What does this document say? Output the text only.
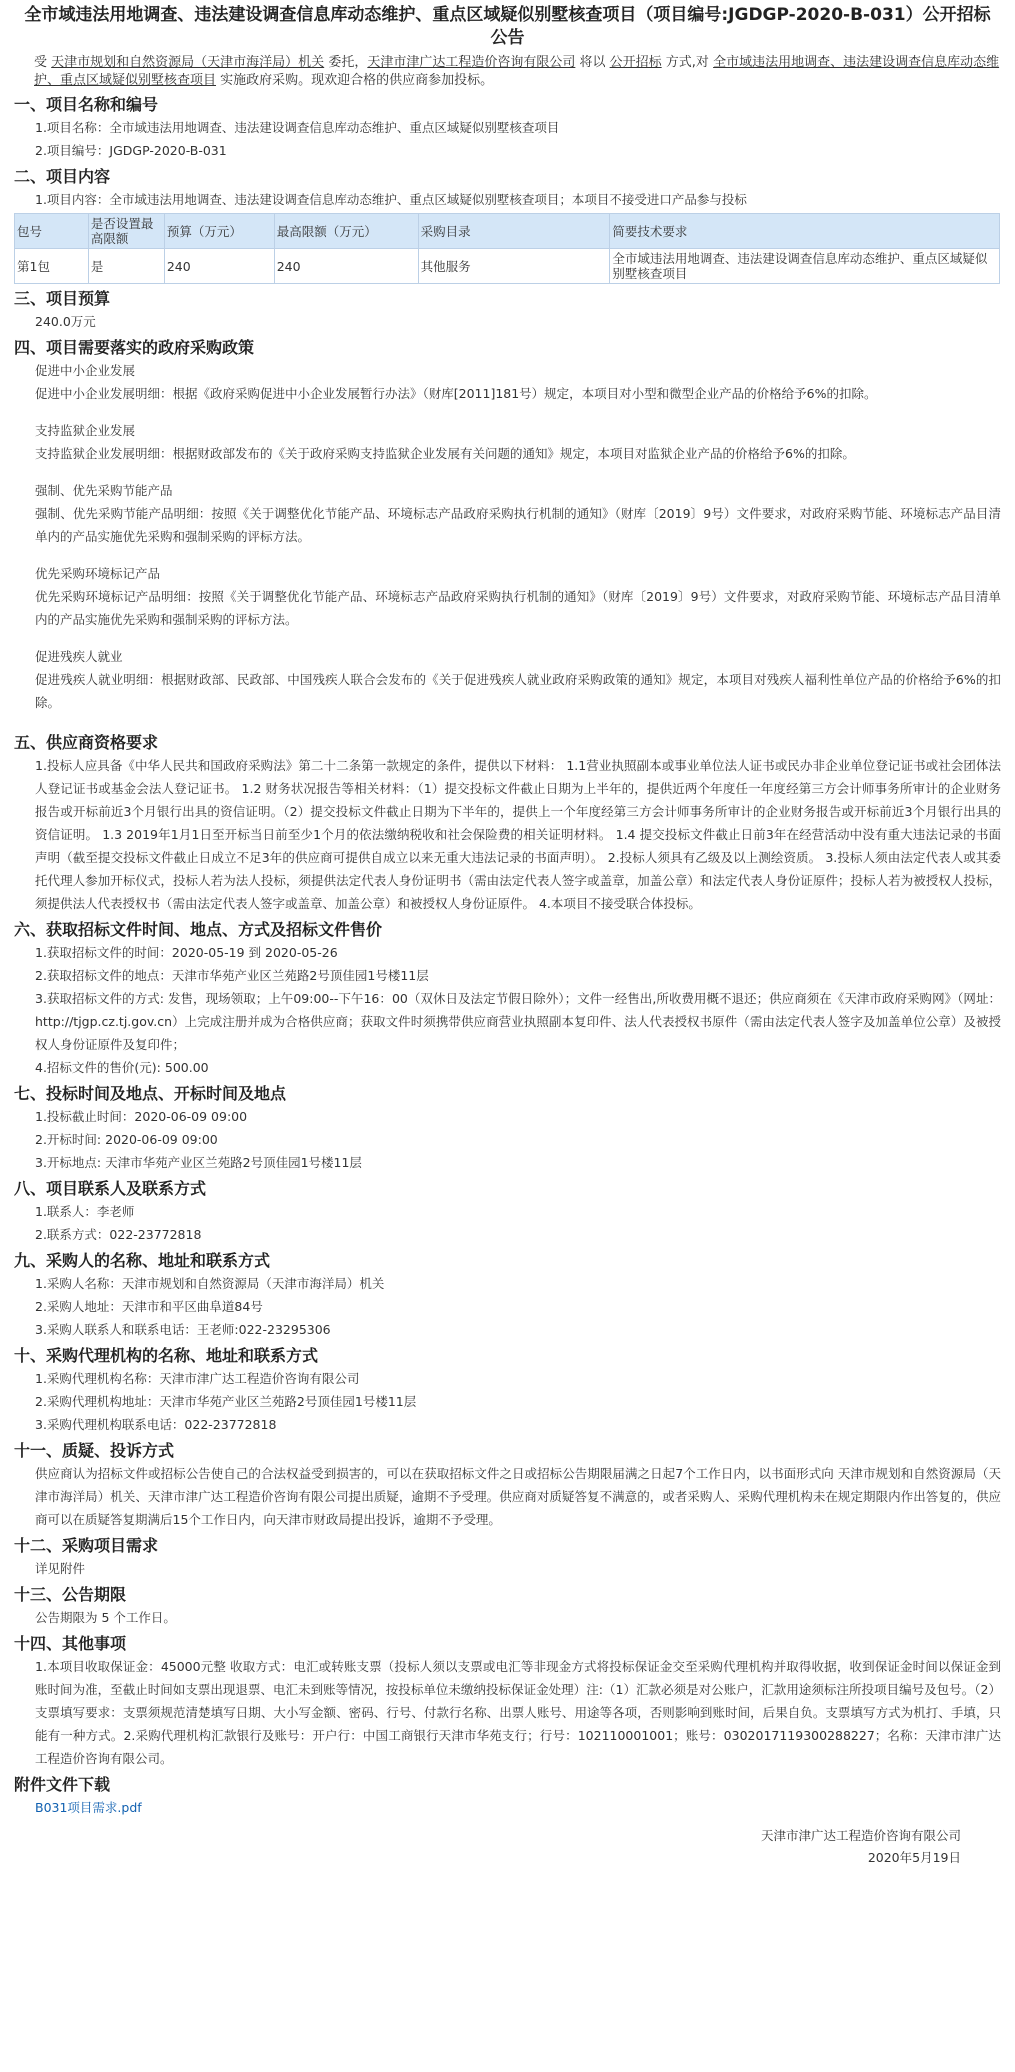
全市域违法用地调查、违法建设调查信息库动态维护、重点区域疑似别墅核查项目（项目编号:JGDGP-2020-B-031）公开招标公告

受 天津市规划和自然资源局（天津市海洋局）机关 委托，天津市津广达工程造价咨询有限公司 将以 公开招标 方式,对 全市域违法用地调查、违法建设调查信息库动态维护、重点区域疑似别墅核查项目 实施政府采购。现欢迎合格的供应商参加投标。

一、项目名称和编号

1.项目名称：全市域违法用地调查、违法建设调查信息库动态维护、重点区域疑似别墅核查项目

2.项目编号：JGDGP-2020-B-031

二、项目内容

1.项目内容：全市域违法用地调查、违法建设调查信息库动态维护、重点区域疑似别墅核查项目；本项目不接受进口产品参与投标

包号	是否设置最高限额	预算（万元）	最高限额（万元）	采购目录	简要技术要求
第1包	是	240	240	其他服务	全市域违法用地调查、违法建设调查信息库动态维护、重点区域疑似别墅核查项目
三、项目预算

240.0万元

四、项目需要落实的政府采购政策

促进中小企业发展

促进中小企业发展明细：根据《政府采购促进中小企业发展暂行办法》（财库[2011]181号）规定，本项目对小型和微型企业产品的价格给予6%的扣除。

支持监狱企业发展

支持监狱企业发展明细：根据财政部发布的《关于政府采购支持监狱企业发展有关问题的通知》规定，本项目对监狱企业产品的价格给予6%的扣除。

强制、优先采购节能产品

强制、优先采购节能产品明细：按照《关于调整优化节能产品、环境标志产品政府采购执行机制的通知》（财库〔2019〕9号）文件要求，对政府采购节能、环境标志产品目清单内的产品实施优先采购和强制采购的评标方法。

优先采购环境标记产品

优先采购环境标记产品明细：按照《关于调整优化节能产品、环境标志产品政府采购执行机制的通知》（财库〔2019〕9号）文件要求，对政府采购节能、环境标志产品目清单内的产品实施优先采购和强制采购的评标方法。

促进残疾人就业

促进残疾人就业明细：根据财政部、民政部、中国残疾人联合会发布的《关于促进残疾人就业政府采购政策的通知》规定，本项目对残疾人福利性单位产品的价格给予6%的扣除。

五、供应商资格要求

1.投标人应具备《中华人民共和国政府采购法》第二十二条第一款规定的条件，提供以下材料： 1.1营业执照副本或事业单位法人证书或民办非企业单位登记证书或社会团体法人登记证书或基金会法人登记证书。 1.2 财务状况报告等相关材料：（1）提交投标文件截止日期为上半年的，提供近两个年度任一年度经第三方会计师事务所审计的企业财务报告或开标前近3个月银行出具的资信证明。（2）提交投标文件截止日期为下半年的，提供上一个年度经第三方会计师事务所审计的企业财务报告或开标前近3个月银行出具的资信证明。 1.3 2019年1月1日至开标当日前至少1个月的依法缴纳税收和社会保险费的相关证明材料。 1.4 提交投标文件截止日前3年在经营活动中没有重大违法记录的书面声明（截至提交投标文件截止日成立不足3年的供应商可提供自成立以来无重大违法记录的书面声明）。 2.投标人须具有乙级及以上测绘资质。 3.投标人须由法定代表人或其委托代理人参加开标仪式，投标人若为法人投标，须提供法定代表人身份证明书（需由法定代表人签字或盖章，加盖公章）和法定代表人身份证原件；投标人若为被授权人投标，须提供法人代表授权书（需由法定代表人签字或盖章、加盖公章）和被授权人身份证原件。 4.本项目不接受联合体投标。

六、获取招标文件时间、地点、方式及招标文件售价

1.获取招标文件的时间：2020-05-19 到 2020-05-26

2.获取招标文件的地点：天津市华苑产业区兰苑路2号顶佳园1号楼11层

3.获取招标文件的方式: 发售，现场领取；上午09:00--下午16：00（双休日及法定节假日除外）；文件一经售出,所收费用概不退还；供应商须在《天津市政府采购网》（网址：http://tjgp.cz.tj.gov.cn）上完成注册并成为合格供应商；获取文件时须携带供应商营业执照副本复印件、法人代表授权书原件（需由法定代表人签字及加盖单位公章）及被授权人身份证原件及复印件；

4.招标文件的售价(元): 500.00

七、投标时间及地点、开标时间及地点

1.投标截止时间：2020-06-09 09:00

2.开标时间: 2020-06-09 09:00

3.开标地点: 天津市华苑产业区兰苑路2号顶佳园1号楼11层

八、项目联系人及联系方式

1.联系人：李老师

2.联系方式：022-23772818

九、采购人的名称、地址和联系方式

1.采购人名称：天津市规划和自然资源局（天津市海洋局）机关

2.采购人地址：天津市和平区曲阜道84号

3.采购人联系人和联系电话：王老师:022-23295306

十、采购代理机构的名称、地址和联系方式

1.采购代理机构名称：天津市津广达工程造价咨询有限公司

2.采购代理机构地址：天津市华苑产业区兰苑路2号顶佳园1号楼11层

3.采购代理机构联系电话：022-23772818

十一、质疑、投诉方式

供应商认为招标文件或招标公告使自己的合法权益受到损害的，可以在获取招标文件之日或招标公告期限届满之日起7个工作日内，以书面形式向 天津市规划和自然资源局（天津市海洋局）机关、天津市津广达工程造价咨询有限公司提出质疑，逾期不予受理。供应商对质疑答复不满意的，或者采购人、采购代理机构未在规定期限内作出答复的，供应商可以在质疑答复期满后15个工作日内，向天津市财政局提出投诉，逾期不予受理。

十二、采购项目需求

详见附件

十三、公告期限

公告期限为 5 个工作日。

十四、其他事项

1.本项目收取保证金：45000元整 收取方式：电汇或转账支票（投标人须以支票或电汇等非现金方式将投标保证金交至采购代理机构并取得收据，收到保证金时间以保证金到账时间为准，至截止时间如支票出现退票、电汇未到账等情况，按投标单位未缴纳投标保证金处理）注:（1）汇款必须是对公账户，汇款用途须标注所投项目编号及包号。（2）支票填写要求：支票须规范清楚填写日期、大小写金额、密码、行号、付款行名称、出票人账号、用途等各项，否则影响到账时间，后果自负。支票填写方式为机打、手填，只能有一种方式。2.采购代理机构汇款银行及账号：开户行：中国工商银行天津市华苑支行；行号：102110001001；账号：0302017119300288227；名称：天津市津广达工程造价咨询有限公司。

附件文件下载

B031项目需求.pdf

天津市津广达工程造价咨询有限公司

2020年5月19日
